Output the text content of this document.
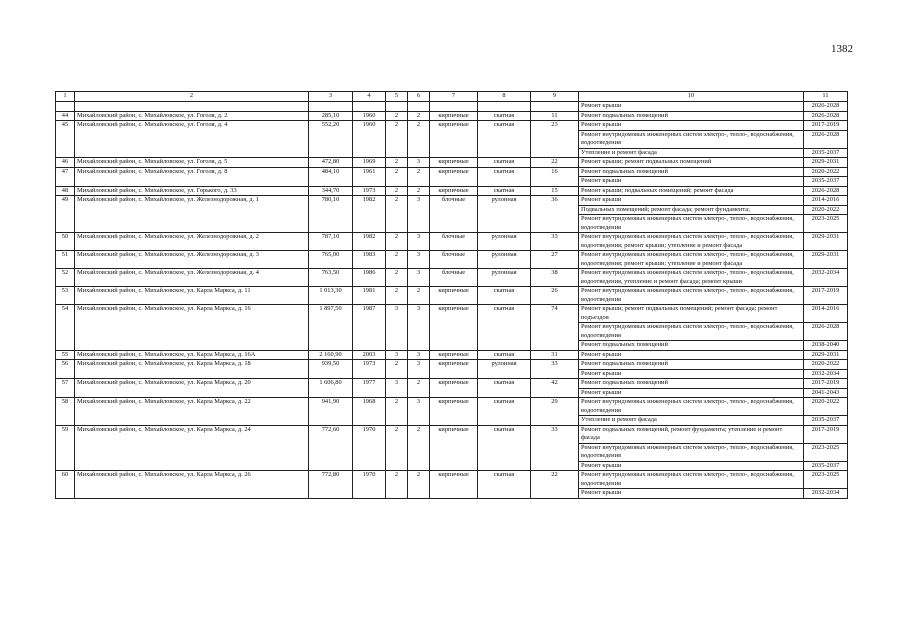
1382
1	2	3	4	5	6	7	8	9	10	11
									Ремонт крыши	2026-2028
44	Михайловский район, с. Михайловское, ул. Гоголя, д. 2	285,10	1960	2	2	кирпичные	скатная	11	Ремонт подвальных помещений	2026-2028
45	Михайловский район, с. Михайловское, ул. Гоголя, д. 4	552,20	1960	2	2	кирпичные	скатная	23	Ремонт крыши	2017-2019
									Ремонт внутридомовых инженерных систем электро-, тепло-, водоснабжения, водоотведения	2026-2028
									Утепление и ремонт фасада	2035-2037
46	Михайловский район, с. Михайловское, ул. Гоголя, д. 5	472,80	1969	2	3	кирпичные	скатная	22	Ремонт крыши; ремонт подвальных помещений	2029-2031
47	Михайловский район, с. Михайловское, ул. Гоголя, д. 8	484,10	1961	2	2	кирпичные	скатная	16	Ремонт подвальных помещений	2020-2022
									Ремонт крыши	2035-2037
48	Михайловский район, с. Михайловское, ул. Горького, д. 33	344,70	1973	2	2	кирпичные	скатная	15	Ремонт крыши; подвальных помещений; ремонт фасада	2026-2028
49	Михайловский район, с. Михайловское, ул. Железнодорожная, д. 1	780,10	1982	2	3	блочные	рулонная	36	Ремонт крыши	2014-2016
									Подвальных помещений; ремонт фасада; ремонт фундамента;	2020-2022
									Ремонт внутридомовых инженерных систем электро-, тепло-, водоснабжения, водоотведения	2023-2025
50	Михайловский район, с. Михайловское, ул. Железнодорожная, д. 2	787,10	1982	2	3	блочные	рулонная	33	Ремонт внутридомовых инженерных систем электро-, тепло-, водоснабжения, водоотведения; ремонт крыши; утепление и ремонт фасада	2029-2031
51	Михайловский район, с. Михайловское, ул. Железнодорожная, д. 3	765,00	1983	2	3	блочные	рулонная	27	Ремонт внутридомовых инженерных систем электро-, тепло-, водоснабжения, водоотведения; ремонт крыши; утепление и ремонт фасада	2029-2031
52	Михайловский район, с. Михайловское, ул. Железнодорожная, д. 4	763,50	1986	2	3	блочные	рулонная	38	Ремонт внутридомовых инженерных систем электро-, тепло-, водоснабжения, водоотведения, утепление и ремонт фасада; ремонт крыши	2032-2034
53	Михайловский район, с. Михайловское, ул. Карла Маркса, д. 11	1 013,30	1981	2	2	кирпичные	скатная	26	Ремонт внутридомовых инженерных систем электро-, тепло-, водоснабжения, водоотведения	2017-2019
54	Михайловский район, с. Михайловское, ул. Карла Маркса, д. 16	1 897,50	1987	3	3	кирпичные	скатная	74	Ремонт крыши; ремонт подвальных помещений; ремонт фасада; ремонт подъездов	2014-2016
									Ремонт внутридомовых инженерных систем электро-, тепло-, водоснабжения, водоотведения	2026-2028
									Ремонт подвальных помещений	2038-2040
55	Михайловский район, с. Михайловское, ул. Карла Маркса, д. 16А	2 160,90	2003	3	3	кирпичные	скатная	31	Ремонт крыши	2029-2031
56	Михайловский район, с. Михайловское, ул. Карла Маркса, д. 18	939,50	1973	2	3	кирпичные	рулонная	33	Ремонт подвальных помещений	2020-2022
									Ремонт крыши	2032-2034
57	Михайловский район, с. Михайловское, ул. Карла Маркса, д. 20	1 606,80	1977	3	2	кирпичные	скатная	42	Ремонт подвальных помещений	2017-2019
									Ремонт крыши	2041-2043
58	Михайловский район, с. Михайловское, ул. Карла Маркса, д. 22	941,90	1968	2	3	кирпичные	скатная	29	Ремонт внутридомовых инженерных систем электро-, тепло-, водоснабжения, водоотведения	2020-2022
									Утепление и ремонт фасада	2035-2037
59	Михайловский район, с. Михайловское, ул. Карла Маркса, д. 24	772,60	1970	2	2	кирпичные	скатная	33	Ремонт подвальных помещений, ремонт фундамента; утепление и ремонт фасада	2017-2019
									Ремонт внутридомовых инженерных систем электро-, тепло-, водоснабжения, водоотведения	2023-2025
									Ремонт крыши	2035-2037
60	Михайловский район, с. Михайловское, ул. Карла Маркса, д. 26	772,80	1970	2	2	кирпичные	скатная	22	Ремонт внутридомовых инженерных систем электро-, тепло-, водоснабжения, водоотведения	2023-2025
									Ремонт крыши	2032-2034
